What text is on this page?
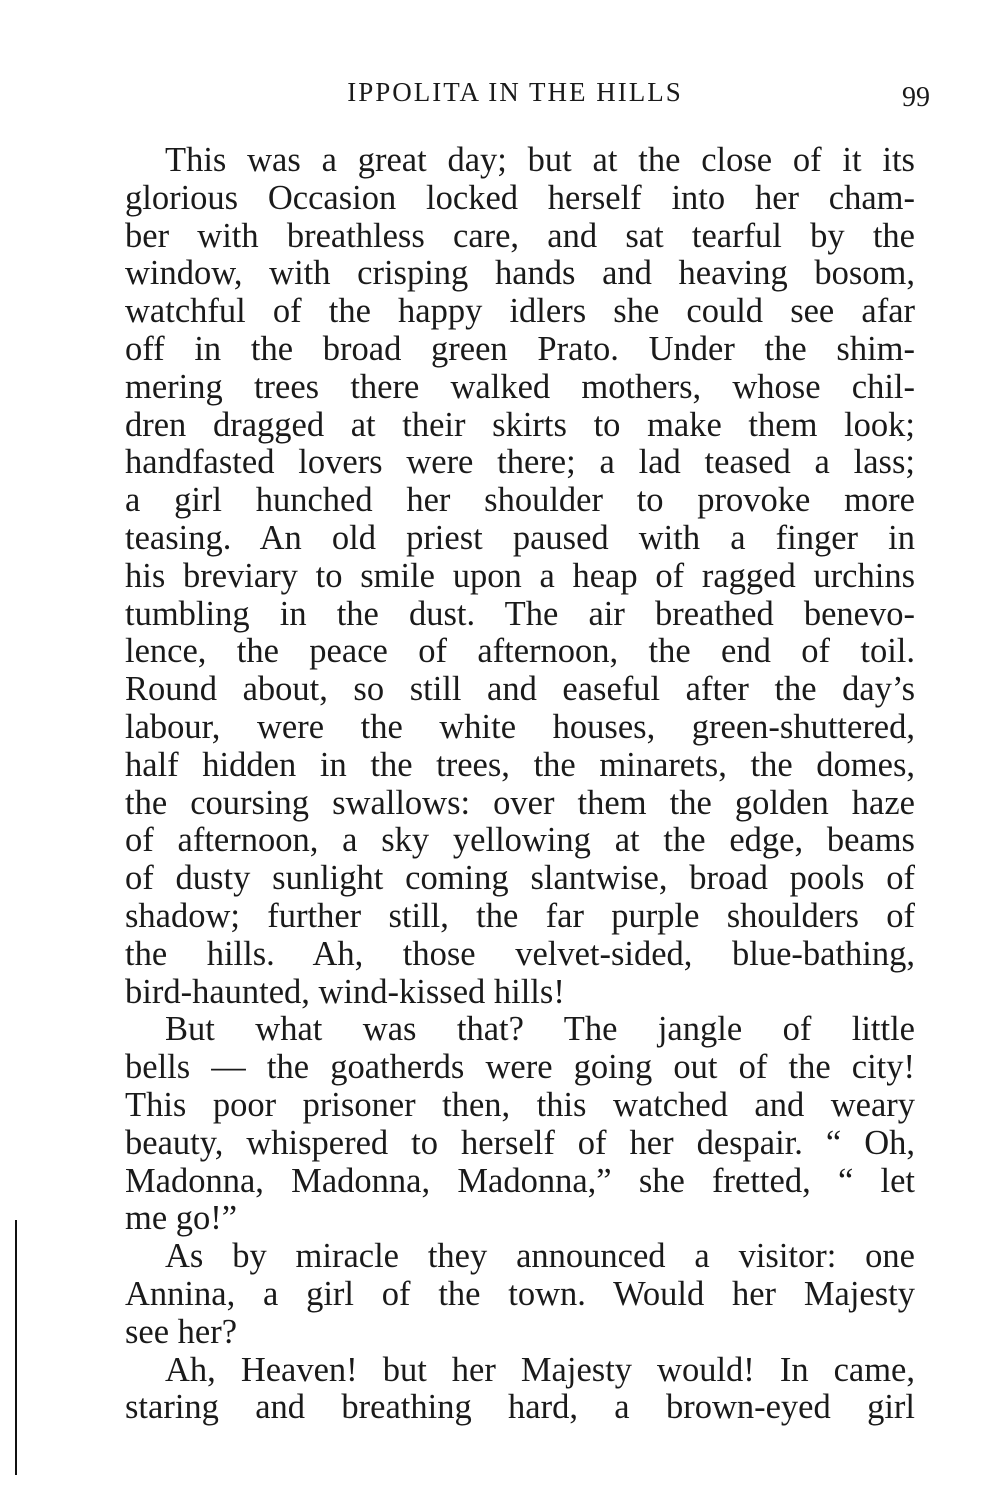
IPPOLITA IN THE HILLS	99
This was a great day; but at the close of it its
glorious Occasion locked herself into her cham-
ber with breathless care, and sat tearful by the
window, with crisping hands and heaving bosom,
watchful of the happy idlers she could see afar
off in the broad green Prato. Under the shim-
mering trees there walked mothers, whose chil-
dren dragged at their skirts to make them look;
handfasted lovers were there; a lad teased a lass;
a girl hunched her shoulder to provoke more
teasing. An old priest paused with a finger in
his breviary to smile upon a heap of ragged urchins
tumbling in the dust. The air breathed benevo-
lence, the peace of afternoon, the end of toil.
Round about, so still and easeful after the day’s
labour, were the white houses, green-shuttered,
half hidden in the trees, the minarets, the domes,
the coursing swallows: over them the golden haze
of afternoon, a sky yellowing at the edge, beams
of dusty sunlight coming slantwise, broad pools of
shadow; further still, the far purple shoulders of
the hills. Ah, those velvet-sided, blue-bathing,
bird-haunted, wind-kissed hills!
But what was that? The jangle of little
bells — the goatherds were going out of the city!
This poor prisoner then, this watched and weary
beauty, whispered to herself of her despair. “ Oh,
Madonna, Madonna, Madonna,” she fretted, “ let
me go!”
As by miracle they announced a visitor: one
Annina, a girl of the town. Would her Majesty
see her?
Ah, Heaven! but her Majesty would! In came,
staring and breathing hard, a brown-eyed girl
